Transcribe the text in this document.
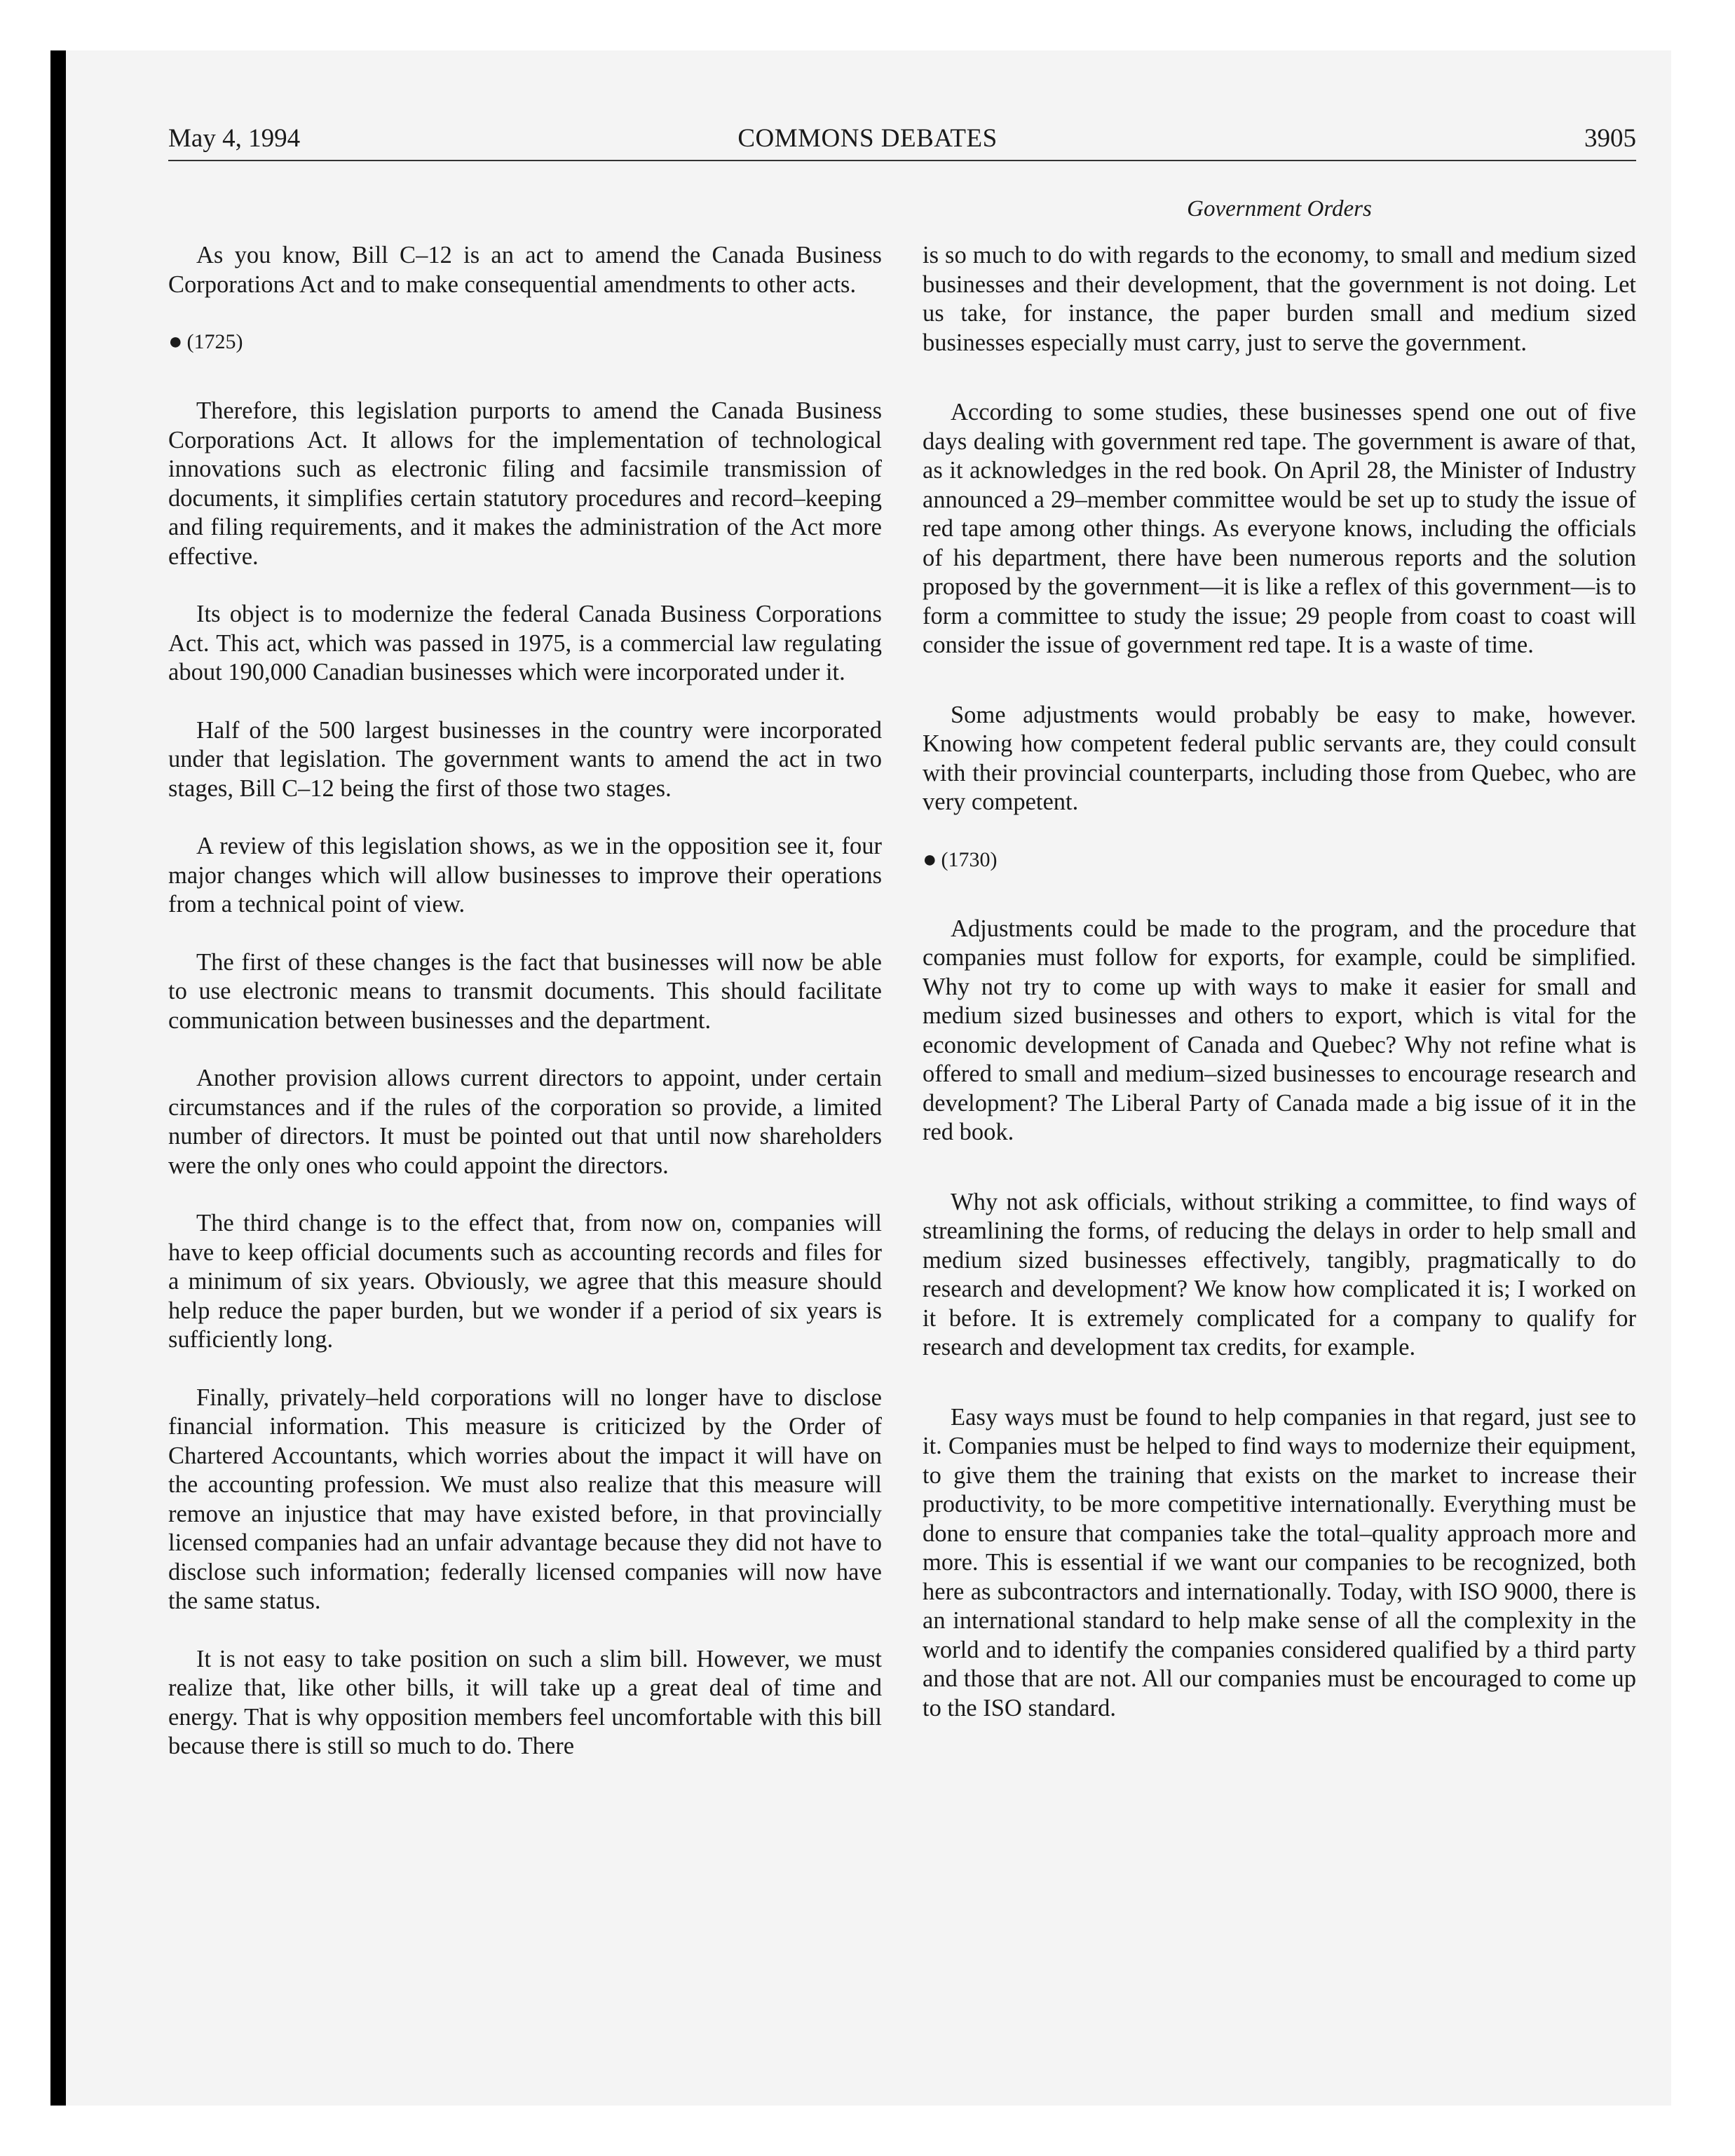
May 4, 1994	COMMONS DEBATES	3905
Government Orders

As you know, Bill C–12 is an act to amend the Canada Business Corporations Act and to make consequential amendments to other acts.

● (1725)

Therefore, this legislation purports to amend the Canada Business Corporations Act. It allows for the implementation of technological innovations such as electronic filing and facsimile transmission of documents, it simplifies certain statutory procedures and record–keeping and filing requirements, and it makes the administration of the Act more effective.

Its object is to modernize the federal Canada Business Corporations Act. This act, which was passed in 1975, is a commercial law regulating about 190,000 Canadian businesses which were incorporated under it.

Half of the 500 largest businesses in the country were incorporated under that legislation. The government wants to amend the act in two stages, Bill C–12 being the first of those two stages.

A review of this legislation shows, as we in the opposition see it, four major changes which will allow businesses to improve their operations from a technical point of view.

The first of these changes is the fact that businesses will now be able to use electronic means to transmit documents. This should facilitate communication between businesses and the department.

Another provision allows current directors to appoint, under certain circumstances and if the rules of the corporation so provide, a limited number of directors. It must be pointed out that until now shareholders were the only ones who could appoint the directors.

The third change is to the effect that, from now on, companies will have to keep official documents such as accounting records and files for a minimum of six years. Obviously, we agree that this measure should help reduce the paper burden, but we wonder if a period of six years is sufficiently long.

Finally, privately–held corporations will no longer have to disclose financial information. This measure is criticized by the Order of Chartered Accountants, which worries about the impact it will have on the accounting profession. We must also realize that this measure will remove an injustice that may have existed before, in that provincially licensed companies had an unfair advantage because they did not have to disclose such information; federally licensed companies will now have the same status.

It is not easy to take position on such a slim bill. However, we must realize that, like other bills, it will take up a great deal of time and energy. That is why opposition members feel uncomfortable with this bill because there is still so much to do. There

is so much to do with regards to the economy, to small and medium sized businesses and their development, that the government is not doing. Let us take, for instance, the paper burden small and medium sized businesses especially must carry, just to serve the government.

According to some studies, these businesses spend one out of five days dealing with government red tape. The government is aware of that, as it acknowledges in the red book. On April 28, the Minister of Industry announced a 29–member committee would be set up to study the issue of red tape among other things. As everyone knows, including the officials of his department, there have been numerous reports and the solution proposed by the government—it is like a reflex of this government—is to form a committee to study the issue; 29 people from coast to coast will consider the issue of government red tape. It is a waste of time.

Some adjustments would probably be easy to make, however. Knowing how competent federal public servants are, they could consult with their provincial counterparts, including those from Quebec, who are very competent.

● (1730)

Adjustments could be made to the program, and the procedure that companies must follow for exports, for example, could be simplified. Why not try to come up with ways to make it easier for small and medium sized businesses and others to export, which is vital for the economic development of Canada and Quebec? Why not refine what is offered to small and medium–sized businesses to encourage research and development? The Liberal Party of Canada made a big issue of it in the red book.

Why not ask officials, without striking a committee, to find ways of streamlining the forms, of reducing the delays in order to help small and medium sized businesses effectively, tangibly, pragmatically to do research and development? We know how complicated it is; I worked on it before. It is extremely complicated for a company to qualify for research and development tax credits, for example.

Easy ways must be found to help companies in that regard, just see to it. Companies must be helped to find ways to modernize their equipment, to give them the training that exists on the market to increase their productivity, to be more competitive internationally. Everything must be done to ensure that companies take the total–quality approach more and more. This is essential if we want our companies to be recognized, both here as subcontractors and internationally. Today, with ISO 9000, there is an international standard to help make sense of all the complexity in the world and to identify the companies considered qualified by a third party and those that are not. All our companies must be encouraged to come up to the ISO standard.
